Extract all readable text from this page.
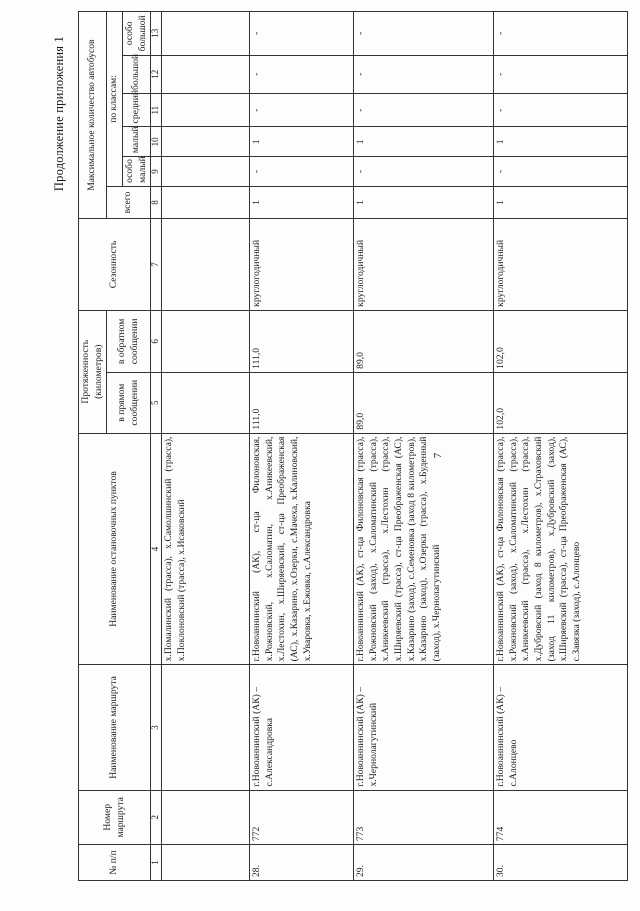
7
Продолжение приложения 1
№ п/п	Номер маршрута	Наименование маршрута	Наименование остановочных пунктов	Протяженность (километров)		Сезонность	Максимальное количество автобусов					
				в прямом сообщении	в обратном сообщении		всего	по классам:				
								особо малый	малый	средний	большой	особо большой
1	2	3	4	5	6	7	8	9	10	11	12	13
			х.Помалинский (трасса), х.Самолшинский (трасса), х.Поклоновский (трасса), х.Исаковский									
28.	772	г.Новоаннинский (АК) – с.Александровка	г.Новоаннинский (АК), ст-ца Филоновская, х.Рожновский, х.Саломатин, х.Аникеевский, х.Лестохин, х.Ширяевский, ст-ца Преображенская (АС), х.Казарино, х.Озерки, с.Мачеха, х.Калиновский, х.Уваровка, х.Ежовка, с.Александровка	111,0	111,0	круглогодичный	1	-	1	-	-	-
29.	773	г.Новоаннинский (АК) – х.Чернолагутинский	г.Новоаннинский (АК), ст-ца Филоновская (трасса), х.Рожновский (заход), х.Саломатинский (трасса), х.Аникеевский (трасса), х.Лестохин (трасса), х.Ширяевский (трасса), ст-ца Преображенская (АС), х.Казарино (заход), с.Семеновка (заход 8 километров), х.Казарино (заход), х.Озерки (трасса), х.Буденный (заход), х.Чернолагутинский	89,0	89,0	круглогодичный	1	-	1	-	-	-
30.	774	г.Новоаннинский (АК) – с.Алонцево	г.Новоаннинский (АК), ст-ца Филоновская (трасса), х.Рожновский (заход), х.Саломатинский (трасса), х.Аникеевский (трасса), х.Лестохин (трасса), х.Дубровский (заход 8 километров), х.Страховский (заход 11 километров), х.Дубровский (заход), х.Ширяевский (трасса), ст-ца Преображенская (АС), с.Завязка (заход), с.Алонцево	102,0	102,0	круглогодичный	1	-	1	-	-	-
